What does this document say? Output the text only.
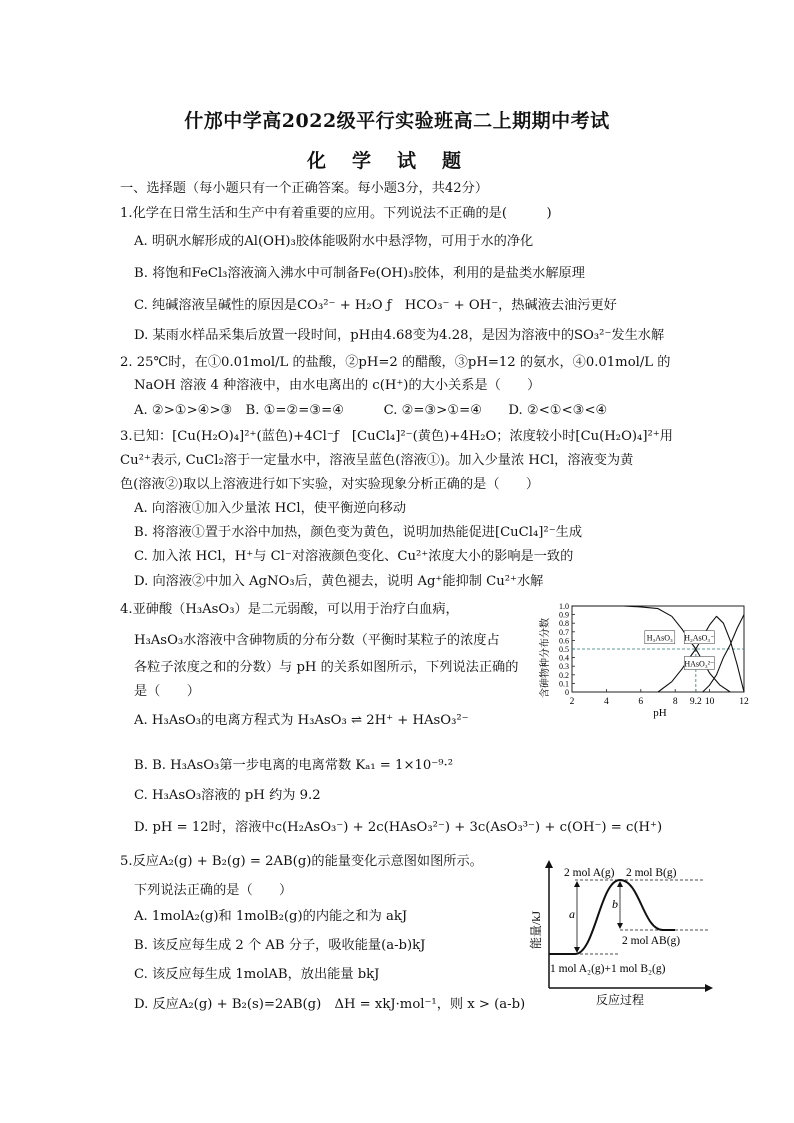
什邡中学高2022级平行实验班高二上期期中考试
化学试题
一、选择题（每小题只有一个正确答案。每小题3分，共42分）
1.化学在日常生活和生产中有着重要的应用。下列说法不正确的是(　　　)
A. 明矾水解形成的Al(OH)₃胶体能吸附水中悬浮物，可用于水的净化
B. 将饱和FeCl₃溶液滴入沸水中可制备Fe(OH)₃胶体，利用的是盐类水解原理
C. 纯碱溶液呈碱性的原因是CO₃²⁻ + H₂O ƒ　HCO₃⁻ + OH⁻，热碱液去油污更好
D. 某雨水样品采集后放置一段时间，pH由4.68变为4.28，是因为溶液中的SO₃²⁻发生水解
2. 25℃时，在①0.01mol/L 的盐酸，②pH=2 的醋酸，③pH=12 的氨水，④0.01mol/L 的
NaOH 溶液 4 种溶液中，由水电离出的 c(H⁺)的大小关系是（　　）
A. ②>①>④>③　B. ①=②=③=④　　　C. ②=③>①=④　　D. ②<①<③<④
3.已知：[Cu(H₂O)₄]²⁺(蓝色)+4Cl⁻ƒ　[CuCl₄]²⁻(黄色)+4H₂O；浓度较小时[Cu(H₂O)₄]²⁺用
Cu²⁺表示, CuCl₂溶于一定量水中，溶液呈蓝色(溶液①)。加入少量浓 HCl，溶液变为黄
色(溶液②)取以上溶液进行如下实验，对实验现象分析正确的是（　　）
A. 向溶液①加入少量浓 HCl，使平衡逆向移动
B. 将溶液①置于水浴中加热，颜色变为黄色，说明加热能促进[CuCl₄]²⁻生成
C. 加入浓 HCl，H⁺与 Cl⁻对溶液颜色变化、Cu²⁺浓度大小的影响是一致的
D. 向溶液②中加入 AgNO₃后，黄色褪去，说明 Ag⁺能抑制 Cu²⁺水解
4.亚砷酸（H₃AsO₃）是二元弱酸，可以用于治疗白血病，
H₃AsO₃水溶液中含砷物质的分布分数（平衡时某粒子的浓度占
各粒子浓度之和的分数）与 pH 的关系如图所示，下列说法正确的
是（　　）
A. H₃AsO₃的电离方程式为 H₃AsO₃ ⇌ 2H⁺ + HAsO₃²⁻
B. B. H₃AsO₃第一步电离的电离常数 Kₐ₁ = 1×10⁻⁹·²
C. H₃AsO₃溶液的 pH 约为 9.2
D. pH = 12时，溶液中c(H₂AsO₃⁻) + 2c(HAsO₃²⁻) + 3c(AsO₃³⁻) + c(OH⁻) = c(H⁺)
5.反应A₂(g) + B₂(g) = 2AB(g)的能量变化示意图如图所示。
下列说法正确的是（　　）
A. 1molA₂(g)和 1molB₂(g)的内能之和为 akJ
B. 该反应每生成 2 个 AB 分子，吸收能量(a-b)kJ
C. 该反应每生成 1molAB，放出能量 bkJ
D. 反应A₂(g) + B₂(s)=2AB(g)　ΔH = xkJ·mol⁻¹，则 x > (a-b)
含砷物种分布分数
pH
0
0.1
0.2
0.3
0.4
0.5
0.6
0.7
0.8
0.9
1.0
2	4	6	8 9.2 10	12
H₃AsO₃ H₂AsO₃⁻
HAsO₃²⁻
能量/kJ
反应过程
a
b
2 mol A(g)　2 mol B(g)
2 mol AB(g)
1 mol A₂(g)+1 mol B₂(g)
